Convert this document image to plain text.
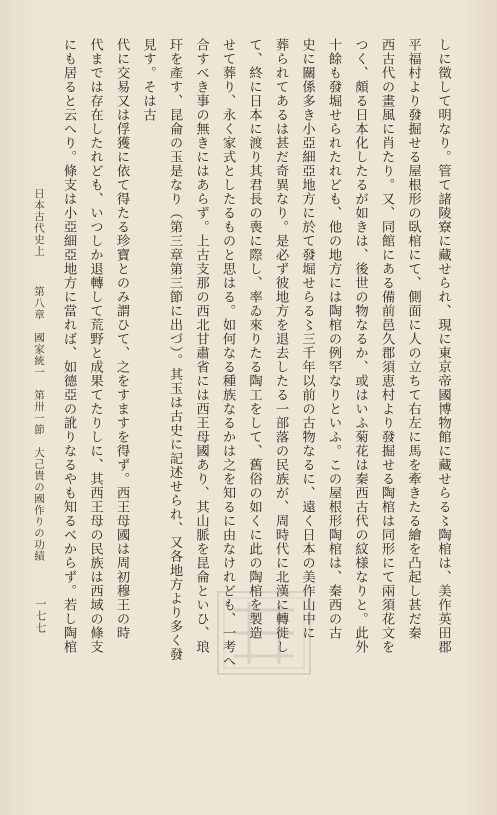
しに徵して明なり。管て諸陵寮に藏せられ、現に東京帝國博物館に藏せらる〻陶棺は、美作英田郡

平福村より發掘せる屋根形の臥棺にて、側面に人の立ちて右左に馬を牽きたる繪を凸起し甚だ秦
西古代の畫風に肖たり。又、同館にある備前邑久郡須恵村より發掘せる陶棺は同形にて兩須花文を
つく、頗る日本化したるが如きは、後世の物なるか、或はいふ菊花は秦西古代の紋様なりと。此外
十餘も發堀せられたれども、他の地方には陶棺の例罕なりといふ。この屋根形陶棺は、秦西の古
史に關係多き小亞細亞地方に於て發堀せらる〻三千年以前の古物なるに、遠く日本の美作山中に
葬られてあるは甚だ奇異なり。是必ず彼地方を退去したる一部落の民族が、周時代に北漢に轉徙し
て、終に日本に渡り其君長の喪に際し、率ゐ來りたる陶工をして、舊俗の如くに此の陶棺を製造
せて葬り、永く家式としたるものと思はる。如何なる種族なるかは之を知るに由なけれども、一考へ
合すべき事の無きにはあらず。上古支那の西北甘肅省には西王母國あり、其山脈を昆侖といひ、琅
玕を產す、昆侖の玉是なり（第三章第三節に出づ）。其玉は古史に記述せられ、又各地方より多く發見す。そは古
代に交易又は俘獲に依て得たる珍寶とのみ謂ひて、之をすますを得ず。西王母國は周初穆王の時
代までは存在したれども、いつしか退轉して荒野と成果てたりしに、其西王母の民族は西域の條支
にも居ると云へり。條支は小亞細亞地方に當れば、如德亞の訛りなるやも知るべからず。若し陶棺

日本古代史上
第八章　國家統一　第卅一節　大己貴の國作りの功績
一七七
